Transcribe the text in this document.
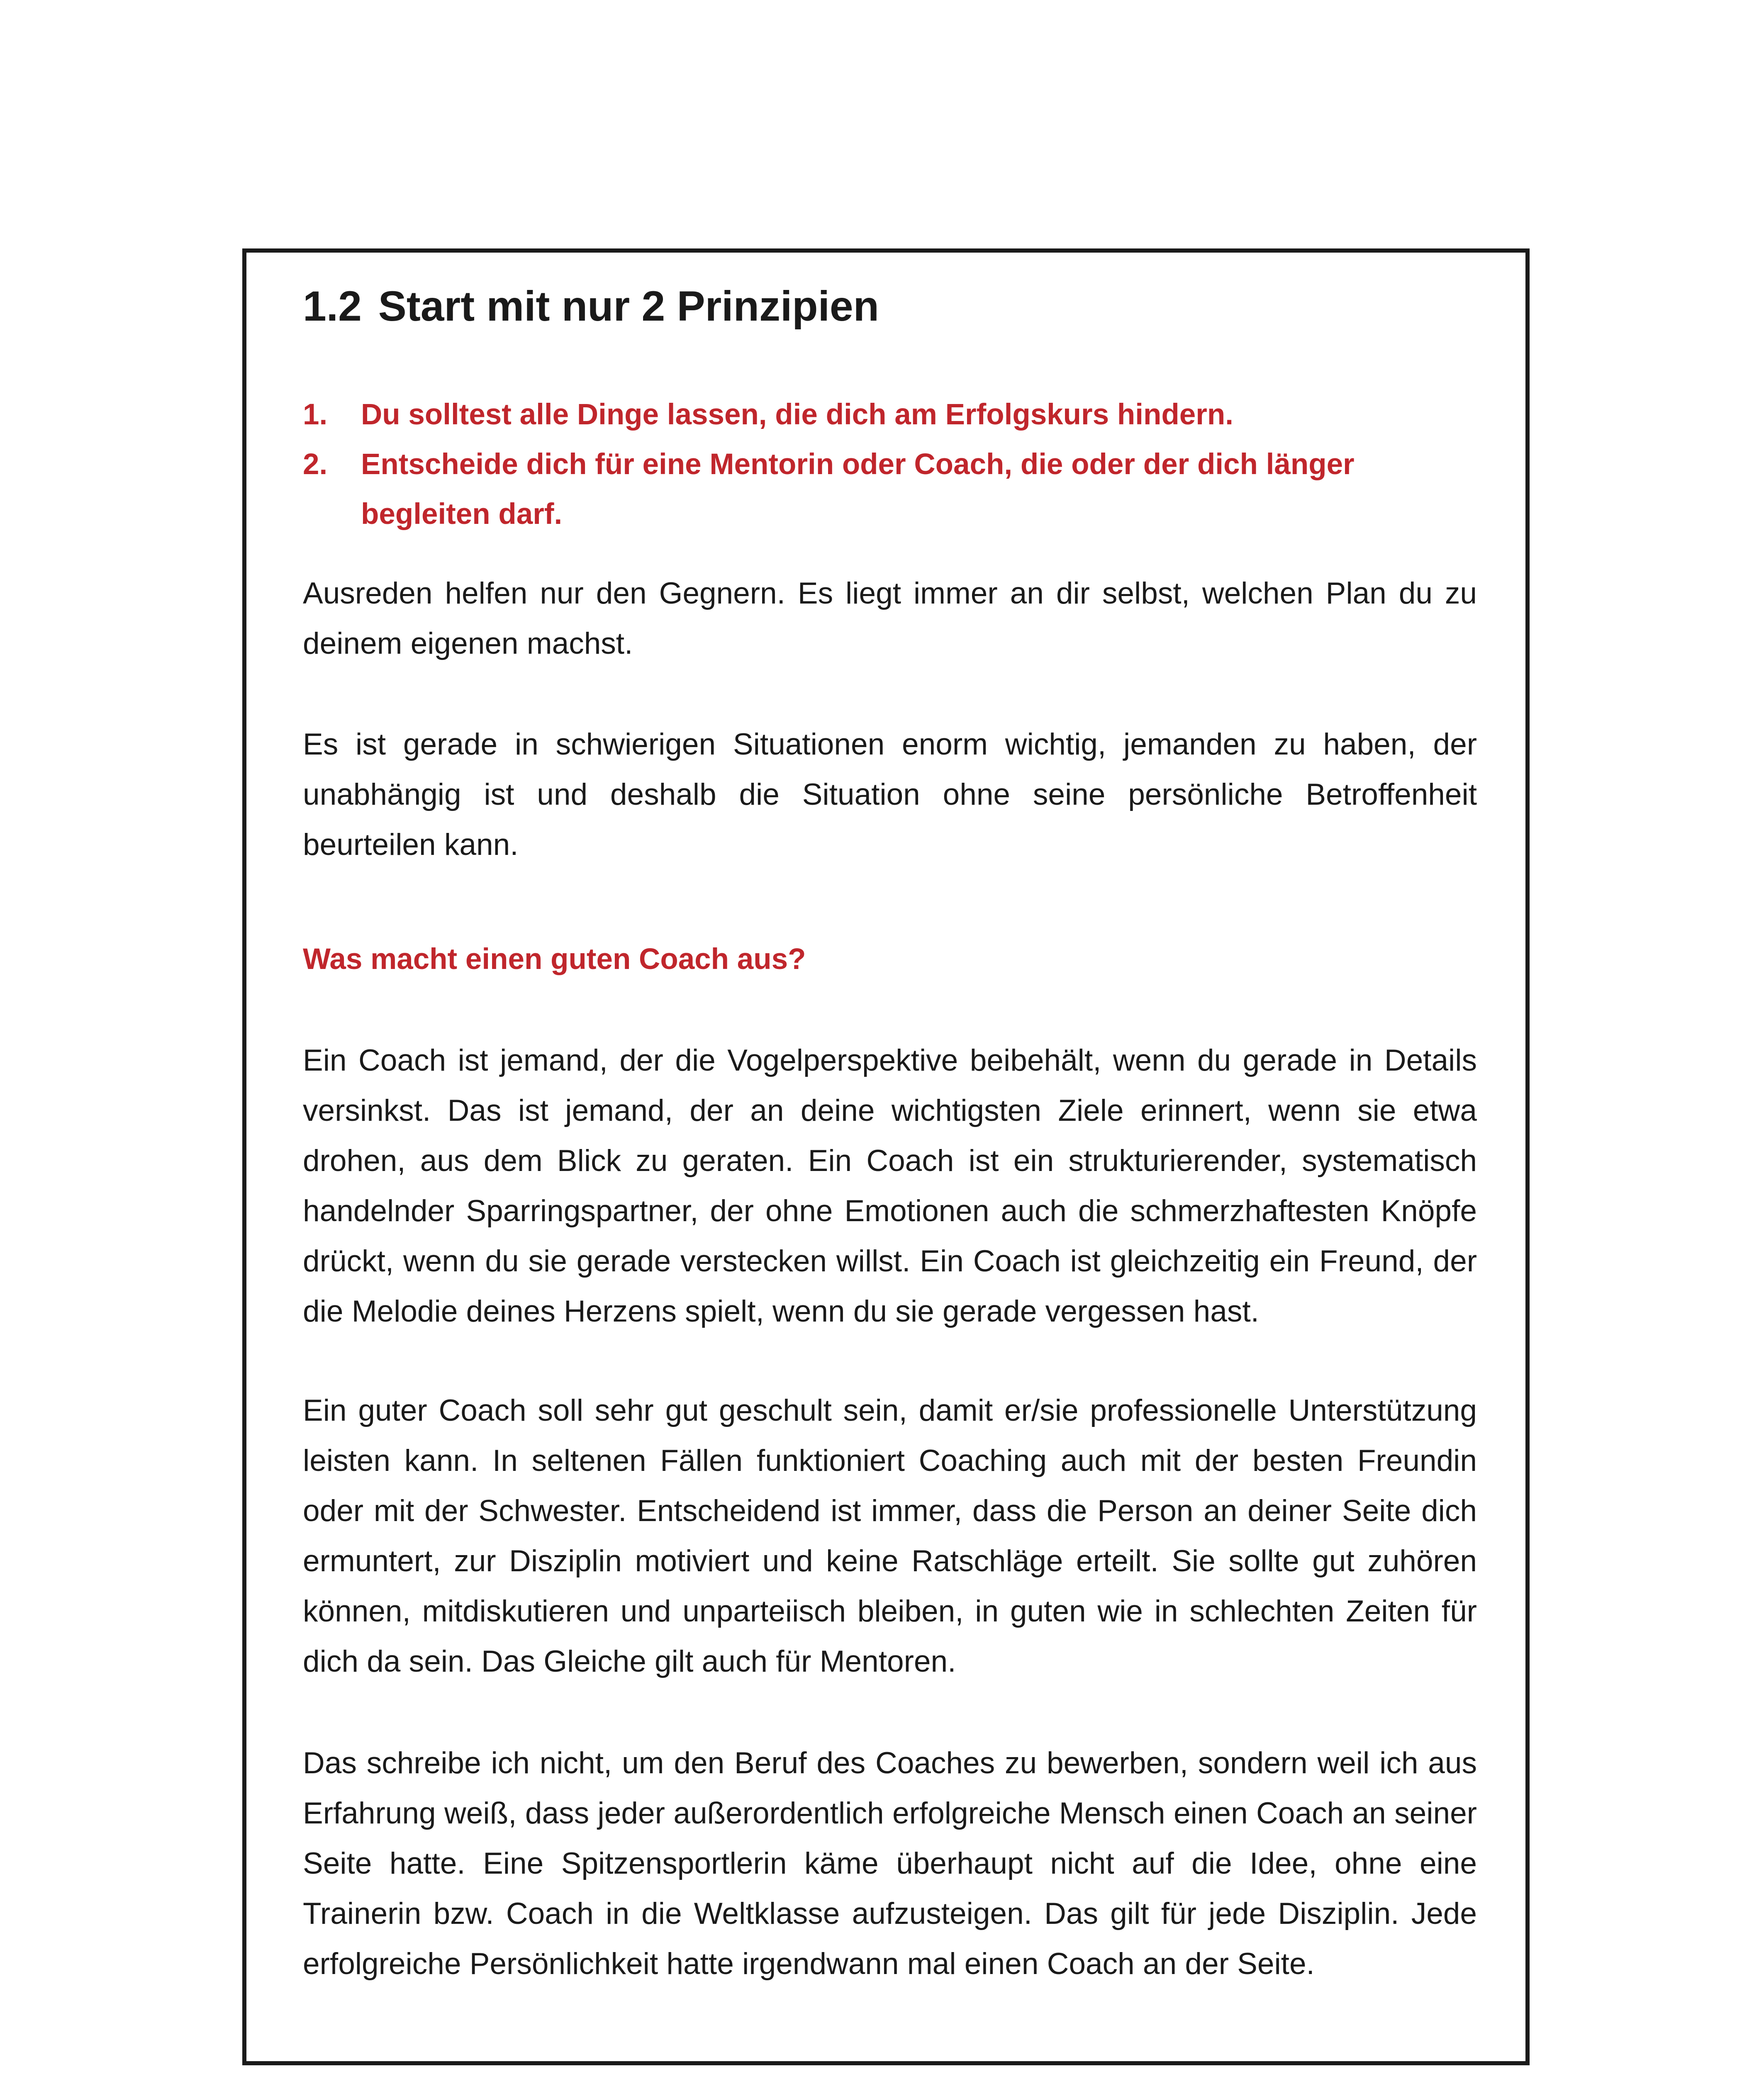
1.2 Start mit nur 2 Prinzipien
1. Du solltest alle Dinge lassen, die dich am Erfolgskurs hindern.
2. Entscheide dich für eine Mentorin oder Coach, die oder der dich länger begleiten darf.

Ausreden helfen nur den Gegnern. Es liegt immer an dir selbst, welchen Plan du zu deinem eigenen machst.

Es ist gerade in schwierigen Situationen enorm wichtig, jemanden zu haben, der unabhängig ist und deshalb die Situation ohne seine persönliche Betroffenheit beurteilen kann.

Was macht einen guten Coach aus?

Ein Coach ist jemand, der die Vogelperspektive beibehält, wenn du gerade in Details versinkst. Das ist jemand, der an deine wichtigsten Ziele erinnert, wenn sie etwa drohen, aus dem Blick zu geraten. Ein Coach ist ein strukturierender, systematisch handelnder Sparringspartner, der ohne Emotionen auch die schmerzhaftesten Knöpfe drückt, wenn du sie gerade verstecken willst. Ein Coach ist gleichzeitig ein Freund, der die Melodie deines Herzens spielt, wenn du sie gerade vergessen hast.

Ein guter Coach soll sehr gut geschult sein, damit er/sie professionelle Unterstützung leisten kann. In seltenen Fällen funktioniert Coaching auch mit der besten Freundin oder mit der Schwester. Entscheidend ist immer, dass die Person an deiner Seite dich ermuntert, zur Disziplin motiviert und keine Ratschläge erteilt. Sie sollte gut zuhören können, mitdiskutieren und unparteiisch bleiben, in guten wie in schlechten Zeiten für dich da sein. Das Gleiche gilt auch für Mentoren.

Das schreibe ich nicht, um den Beruf des Coaches zu bewerben, sondern weil ich aus Erfahrung weiß, dass jeder außerordentlich erfolgreiche Mensch einen Coach an seiner Seite hatte. Eine Spitzensportlerin käme überhaupt nicht auf die Idee, ohne eine Trainerin bzw. Coach in die Weltklasse aufzusteigen. Das gilt für jede Disziplin. Jede erfolgreiche Persönlichkeit hatte irgendwann mal einen Coach an der Seite.
